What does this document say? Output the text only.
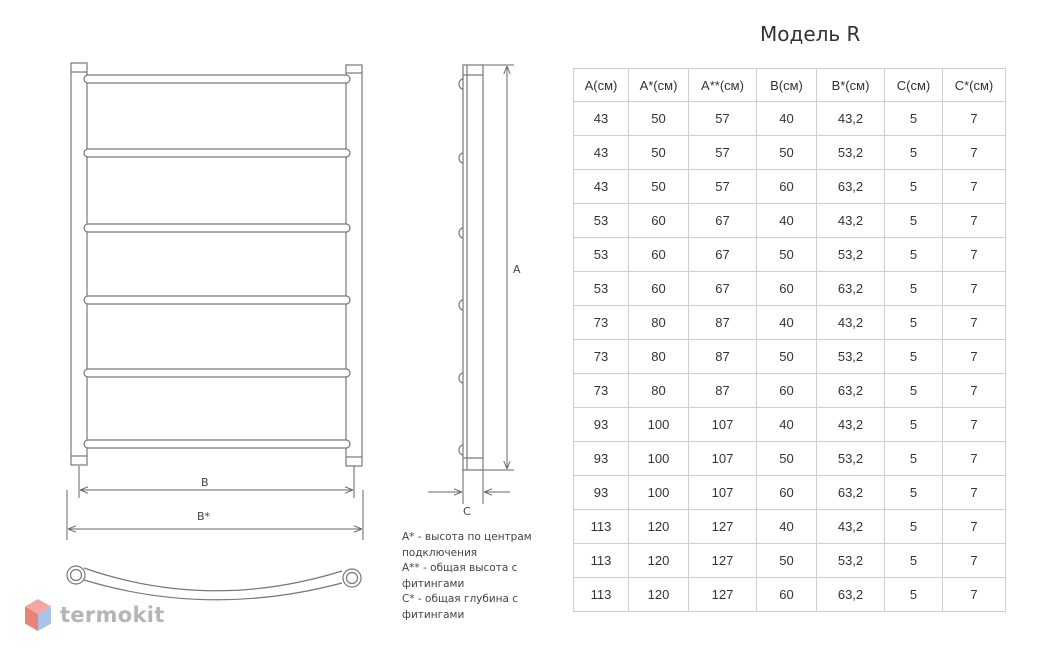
B
B*
A
C
A* - высота по центрам
подключения
A** - общая высота с
фитингами
C* - общая глубина с
фитингами
Модель R
A(см)	A*(см)	A**(см)	B(см)	B*(см)	C(см)	C*(см)
43	50	57	40	43,2	5	7
43	50	57	50	53,2	5	7
43	50	57	60	63,2	5	7
53	60	67	40	43,2	5	7
53	60	67	50	53,2	5	7
53	60	67	60	63,2	5	7
73	80	87	40	43,2	5	7
73	80	87	50	53,2	5	7
73	80	87	60	63,2	5	7
93	100	107	40	43,2	5	7
93	100	107	50	53,2	5	7
93	100	107	60	63,2	5	7
113	120	127	40	43,2	5	7
113	120	127	50	53,2	5	7
113	120	127	60	63,2	5	7
termokit
